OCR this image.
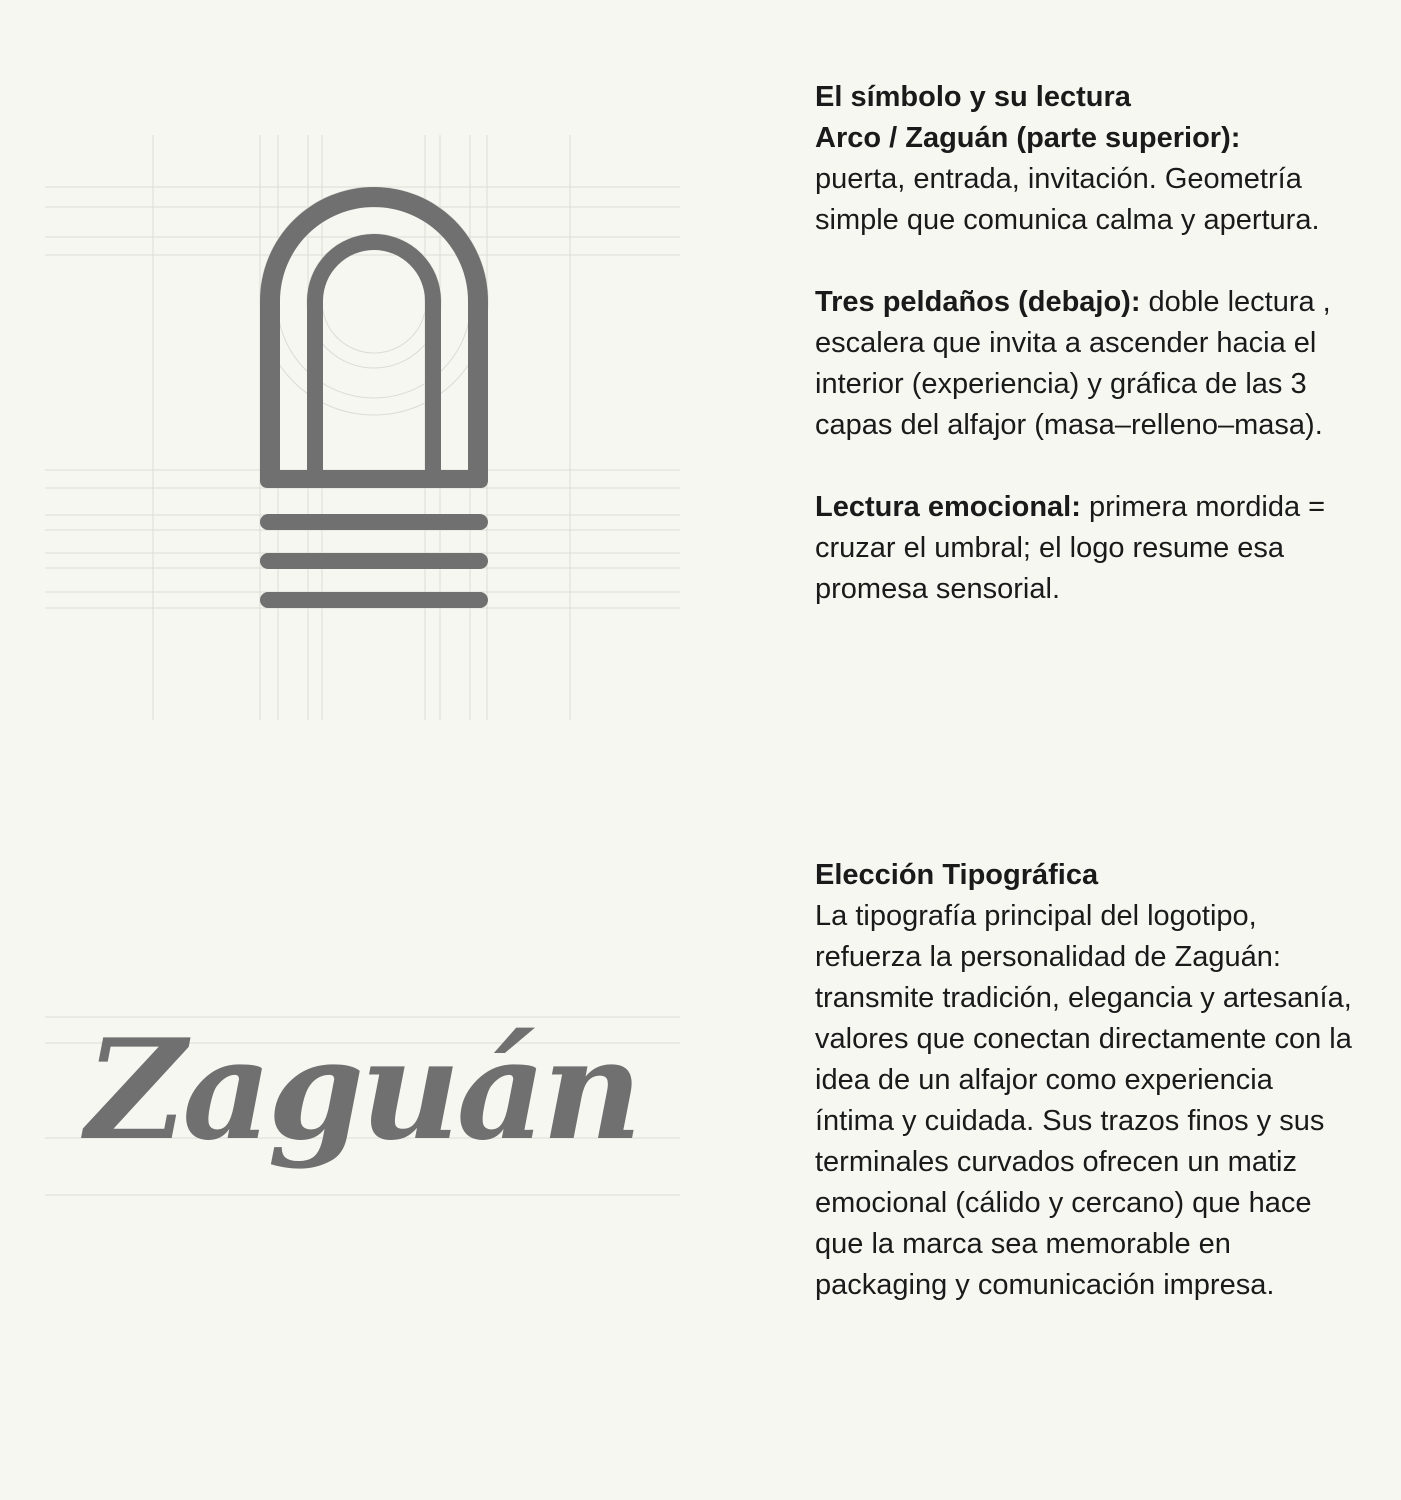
Zaguán

El símbolo y su lectura

Arco / Zaguán (parte superior):

puerta, entrada, invitación. Geometría simple que comunica calma y apertura.

Tres peldaños (debajo): doble lectura , escalera que invita a ascender hacia el interior (experiencia) y gráfica de las 3 capas del alfajor (masa–relleno–masa).

Lectura emocional: primera mordida = cruzar el umbral; el logo resume esa promesa sensorial.

Elección Tipográfica

La tipografía principal del logotipo, refuerza la personalidad de Zaguán: transmite tradición, elegancia y artesanía, valores que conectan directamente con la idea de un alfajor como experiencia íntima y cuidada. Sus trazos finos y sus terminales curvados ofrecen un matiz emocional (cálido y cercano) que hace que la marca sea memorable en packaging y comunicación impresa.
